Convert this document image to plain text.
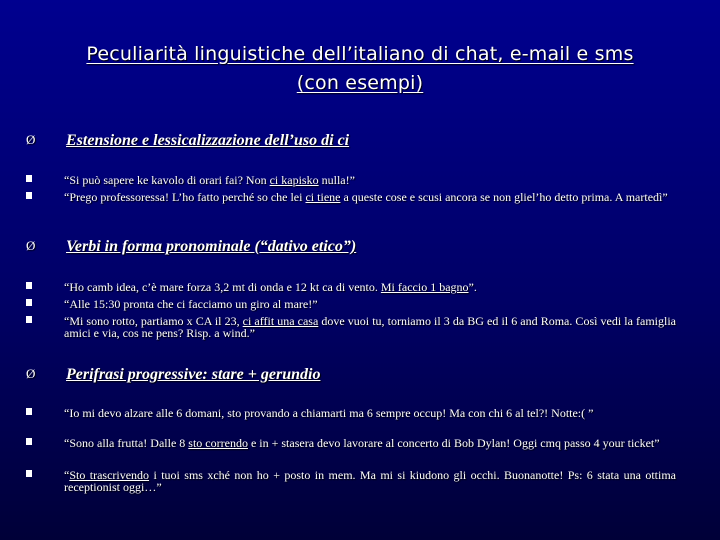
Peculiarità linguistiche dell’italiano di chat, e-mail e sms
(con esempi)
Ø Estensione e lessicalizzazione dell’uso di ci
“Si può sapere ke kavolo di orari fai? Non ci kapisko nulla!”
“Prego professoressa! L’ho fatto perché so che lei ci tiene a queste cose e scusi ancora se non gliel’ho detto prima. A martedì”
Ø Verbi in forma pronominale (“dativo etico”)
“Ho camb idea, c’è mare forza 3,2 mt di onda e 12 kt ca di vento. Mi faccio 1 bagno”.
“Alle 15:30 pronta che ci facciamo un giro al mare!”
“Mi sono rotto, partiamo x CA il 23, ci affit una casa dove vuoi tu, torniamo il 3 da BG ed il 6 and Roma. Così vedi la famiglia amici e via, cos ne pens? Risp. a wind.”
Ø Perifrasi progressive: stare + gerundio
“Io mi devo alzare alle 6 domani, sto provando a chiamarti ma 6 sempre occup! Ma con chi 6 al tel?! Notte:( ”
“Sono alla frutta! Dalle 8 sto correndo e in + stasera devo lavorare al concerto di Bob Dylan! Oggi cmq passo 4 your ticket”
“Sto trascrivendo i tuoi sms xché non ho + posto in mem. Ma mi si kiudono gli occhi. Buonanotte! Ps: 6 stata una ottima receptionist oggi…”
